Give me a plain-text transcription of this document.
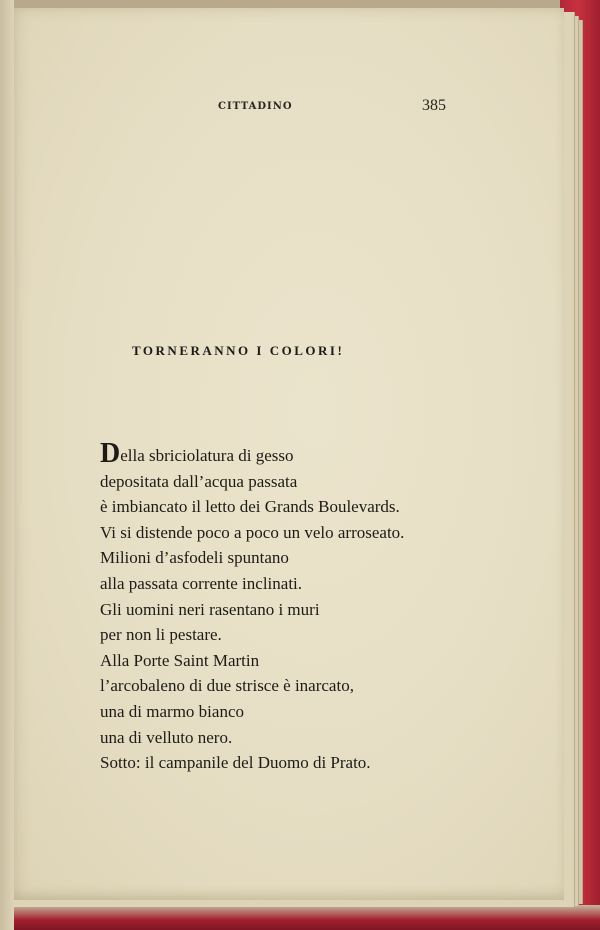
CITTADINO	385
TORNERANNO I COLORI!
Della sbriciolatura di gesso
depositata dall’acqua passata
è imbiancato il letto dei Grands Boulevards.
Vi si distende poco a poco un velo arroseato.
Milioni d’asfodeli spuntano
alla passata corrente inclinati.
Gli uomini neri rasentano i muri
per non li pestare.
Alla Porte Saint Martin
l’arcobaleno di due strisce è inarcato,
una di marmo bianco
una di velluto nero.
Sotto: il campanile del Duomo di Prato.
